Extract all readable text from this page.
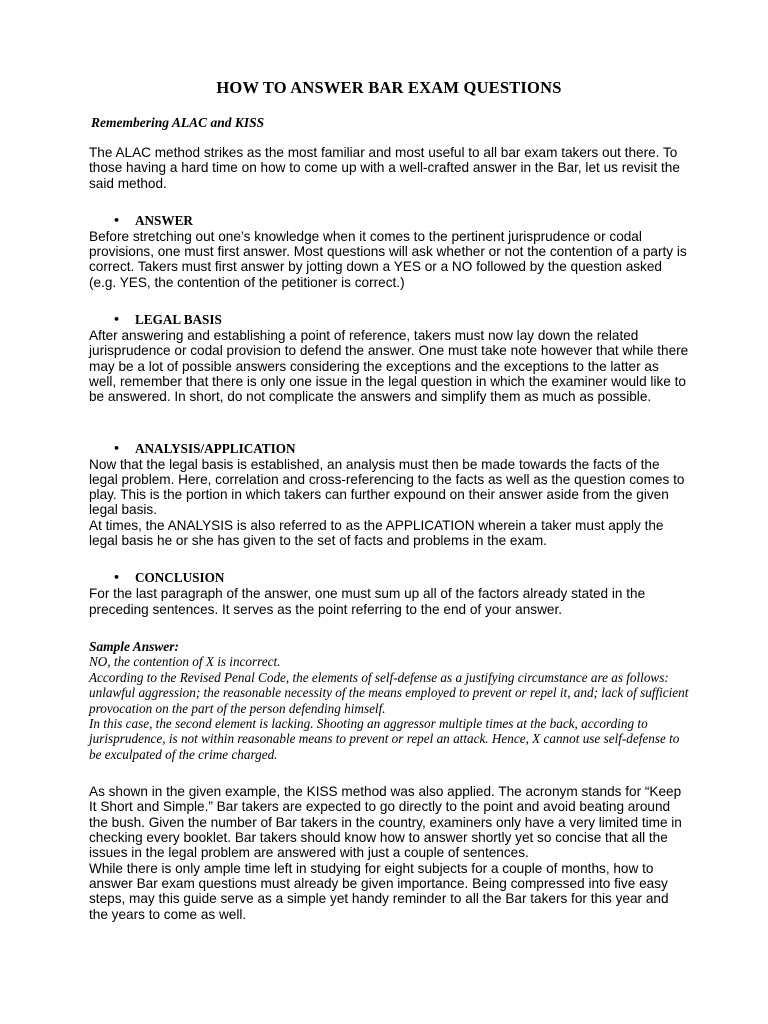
HOW TO ANSWER BAR EXAM QUESTIONS
Remembering ALAC and KISS

The ALAC method strikes as the most familiar and most useful to all bar exam takers out there. To those having a hard time on how to come up with a well-crafted answer in the Bar, let us revisit the said method.

•	ANSWER

Before stretching out one’s knowledge when it comes to the pertinent jurisprudence or codal provisions, one must first answer. Most questions will ask whether or not the contention of a party is correct. Takers must first answer by jotting down a YES or a NO followed by the question asked (e.g. YES, the contention of the petitioner is correct.)

•	LEGAL BASIS

After answering and establishing a point of reference, takers must now lay down the related jurisprudence or codal provision to defend the answer. One must take note however that while there may be a lot of possible answers considering the exceptions and the exceptions to the latter as well, remember that there is only one issue in the legal question in which the examiner would like to be answered. In short, do not complicate the answers and simplify them as much as possible.

•	ANALYSIS/APPLICATION

Now that the legal basis is established, an analysis must then be made towards the facts of the legal problem. Here, correlation and cross-referencing to the facts as well as the question comes to play. This is the portion in which takers can further expound on their answer aside from the given legal basis.

At times, the ANALYSIS is also referred to as the APPLICATION wherein a taker must apply the legal basis he or she has given to the set of facts and problems in the exam.

•	CONCLUSION

For the last paragraph of the answer, one must sum up all of the factors already stated in the preceding sentences. It serves as the point referring to the end of your answer.

Sample Answer:

NO, the contention of X is incorrect.

According to the Revised Penal Code, the elements of self-defense as a justifying circumstance are as follows: unlawful aggression; the reasonable necessity of the means employed to prevent or repel it, and; lack of sufficient provocation on the part of the person defending himself.

In this case, the second element is lacking. Shooting an aggressor multiple times at the back, according to jurisprudence, is not within reasonable means to prevent or repel an attack. Hence, X cannot use self-defense to be exculpated of the crime charged.

As shown in the given example, the KISS method was also applied. The acronym stands for “Keep It Short and Simple.” Bar takers are expected to go directly to the point and avoid beating around the bush. Given the number of Bar takers in the country, examiners only have a very limited time in checking every booklet. Bar takers should know how to answer shortly yet so concise that all the issues in the legal problem are answered with just a couple of sentences.

While there is only ample time left in studying for eight subjects for a couple of months, how to answer Bar exam questions must already be given importance. Being compressed into five easy steps, may this guide serve as a simple yet handy reminder to all the Bar takers for this year and the years to come as well.
